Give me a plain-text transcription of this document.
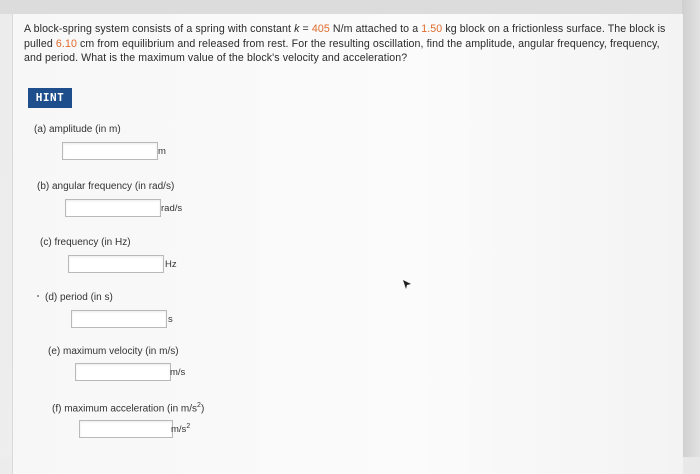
A block-spring system consists of a spring with constant k = 405 N/m attached to a 1.50 kg block on a frictionless surface. The block is pulled 6.10 cm from equilibrium and released from rest. For the resulting oscillation, find the amplitude, angular frequency, frequency, and period. What is the maximum value of the block's velocity and acceleration?
HINT
(a) amplitude (in m)
m
(b) angular frequency (in rad/s)
rad/s
(c) frequency (in Hz)
Hz
(d) period (in s)
s
(e) maximum velocity (in m/s)
m/s
(f) maximum acceleration (in $m/s^2$)
$m/s^2$
